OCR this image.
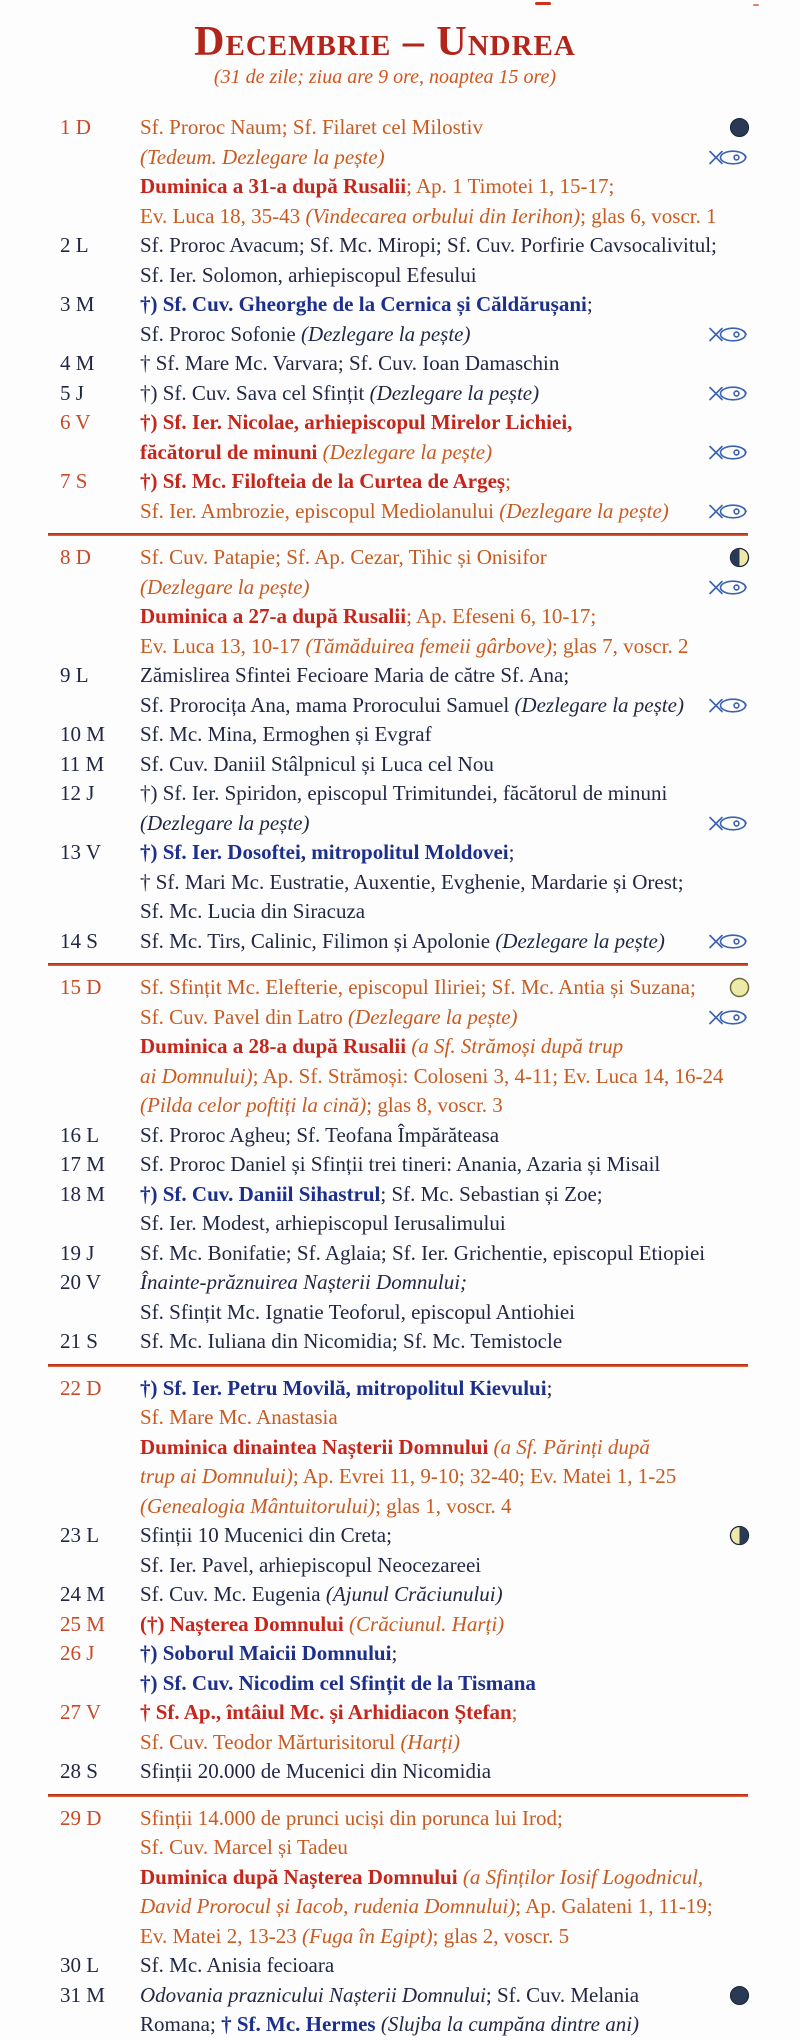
Decembrie – Undrea
(31 de zile; ziua are 9 ore, noaptea 15 ore)
1 D	Sf. Proroc Naum; Sf. Filaret cel Milostiv
(Tedeum. Dezlegare la pește)
Duminica a 31-a după Rusalii ; Ap. 1 Timotei 1, 15-17;
Ev. Luca 18, 35-43 (Vindecarea orbului din Ierihon) ; glas 6, voscr. 1
2 L	Sf. Proroc Avacum; Sf. Mc. Miropi; Sf. Cuv. Porfirie Cavsocalivitul;
Sf. Ier. Solomon, arhiepiscopul Efesului
3 M	†) Sf. Cuv. Gheorghe de la Cernica și Căldărușani ;
Sf. Proroc Sofonie (Dezlegare la pește)
4 M	† Sf. Mare Mc. Varvara; Sf. Cuv. Ioan Damaschin
5 J	†) Sf. Cuv. Sava cel Sfințit (Dezlegare la pește)
6 V	†) Sf. Ier. Nicolae, arhiepiscopul Mirelor Lichiei,
făcătorul de minuni (Dezlegare la pește)
7 S	†) Sf. Mc. Filofteia de la Curtea de Argeș ;
Sf. Ier. Ambrozie, episcopul Mediolanului (Dezlegare la pește)
8 D	Sf. Cuv. Patapie; Sf. Ap. Cezar, Tihic și Onisifor
(Dezlegare la pește)
Duminica a 27-a după Rusalii ; Ap. Efeseni 6, 10-17;
Ev. Luca 13, 10-17 (Tămăduirea femeii gârbove) ; glas 7, voscr. 2
9 L	Zămislirea Sfintei Fecioare Maria de către Sf. Ana;
Sf. Prorocița Ana, mama Prorocului Samuel (Dezlegare la pește)
10 M	Sf. Mc. Mina, Ermoghen și Evgraf
11 M	Sf. Cuv. Daniil Stâlpnicul și Luca cel Nou
12 J	†) Sf. Ier. Spiridon, episcopul Trimitundei, făcătorul de minuni
(Dezlegare la pește)
13 V	†) Sf. Ier. Dosoftei, mitropolitul Moldovei ;
† Sf. Mari Mc. Eustratie, Auxentie, Evghenie, Mardarie și Orest;
Sf. Mc. Lucia din Siracuza
14 S	Sf. Mc. Tirs, Calinic, Filimon și Apolonie (Dezlegare la pește)
15 D	Sf. Sfințit Mc. Elefterie, episcopul Iliriei; Sf. Mc. Antia și Suzana;
Sf. Cuv. Pavel din Latro (Dezlegare la pește)
Duminica a 28-a după Rusalii (a Sf. Strămoși după trup
ai Domnului) ; Ap. Sf. Strămoși: Coloseni 3, 4-11; Ev. Luca 14, 16-24
(Pilda celor poftiți la cină) ; glas 8, voscr. 3
16 L	Sf. Proroc Agheu; Sf. Teofana Împărăteasa
17 M	Sf. Proroc Daniel și Sfinții trei tineri: Anania, Azaria și Misail
18 M	†) Sf. Cuv. Daniil Sihastrul ; Sf. Mc. Sebastian și Zoe;
Sf. Ier. Modest, arhiepiscopul Ierusalimului
19 J	Sf. Mc. Bonifatie; Sf. Aglaia; Sf. Ier. Grichentie, episcopul Etiopiei
20 V	Înainte-prăznuirea Nașterii Domnului;
Sf. Sfințit Mc. Ignatie Teoforul, episcopul Antiohiei
21 S	Sf. Mc. Iuliana din Nicomidia; Sf. Mc. Temistocle
22 D	†) Sf. Ier. Petru Movilă, mitropolitul Kievului ;
Sf. Mare Mc. Anastasia
Duminica dinaintea Nașterii Domnului (a Sf. Părinți după
trup ai Domnului) ; Ap. Evrei 11, 9-10; 32-40; Ev. Matei 1, 1-25
(Genealogia Mântuitorului) ; glas 1, voscr. 4
23 L	Sfinții 10 Mucenici din Creta;
Sf. Ier. Pavel, arhiepiscopul Neocezareei
24 M	Sf. Cuv. Mc. Eugenia (Ajunul Crăciunului)
25 M	(†) Nașterea Domnului (Crăciunul. Harți)
26 J	†) Soborul Maicii Domnului ;
†) Sf. Cuv. Nicodim cel Sfințit de la Tismana
27 V	† Sf. Ap., întâiul Mc. și Arhidiacon Ștefan ;
Sf. Cuv. Teodor Mărturisitorul (Harți)
28 S	Sfinții 20.000 de Mucenici din Nicomidia
29 D	Sfinții 14.000 de prunci uciși din porunca lui Irod;
Sf. Cuv. Marcel și Tadeu
Duminica după Nașterea Domnului (a Sfinților Iosif Logodnicul,
David Prorocul și Iacob, rudenia Domnului) ; Ap. Galateni 1, 11-19;
Ev. Matei 2, 13-23 (Fuga în Egipt) ; glas 2, voscr. 5
30 L	Sf. Mc. Anisia fecioara
31 M	Odovania praznicului Nașterii Domnului ; Sf. Cuv. Melania
Romana; † Sf. Mc. Hermes (Slujba la cumpăna dintre ani)
